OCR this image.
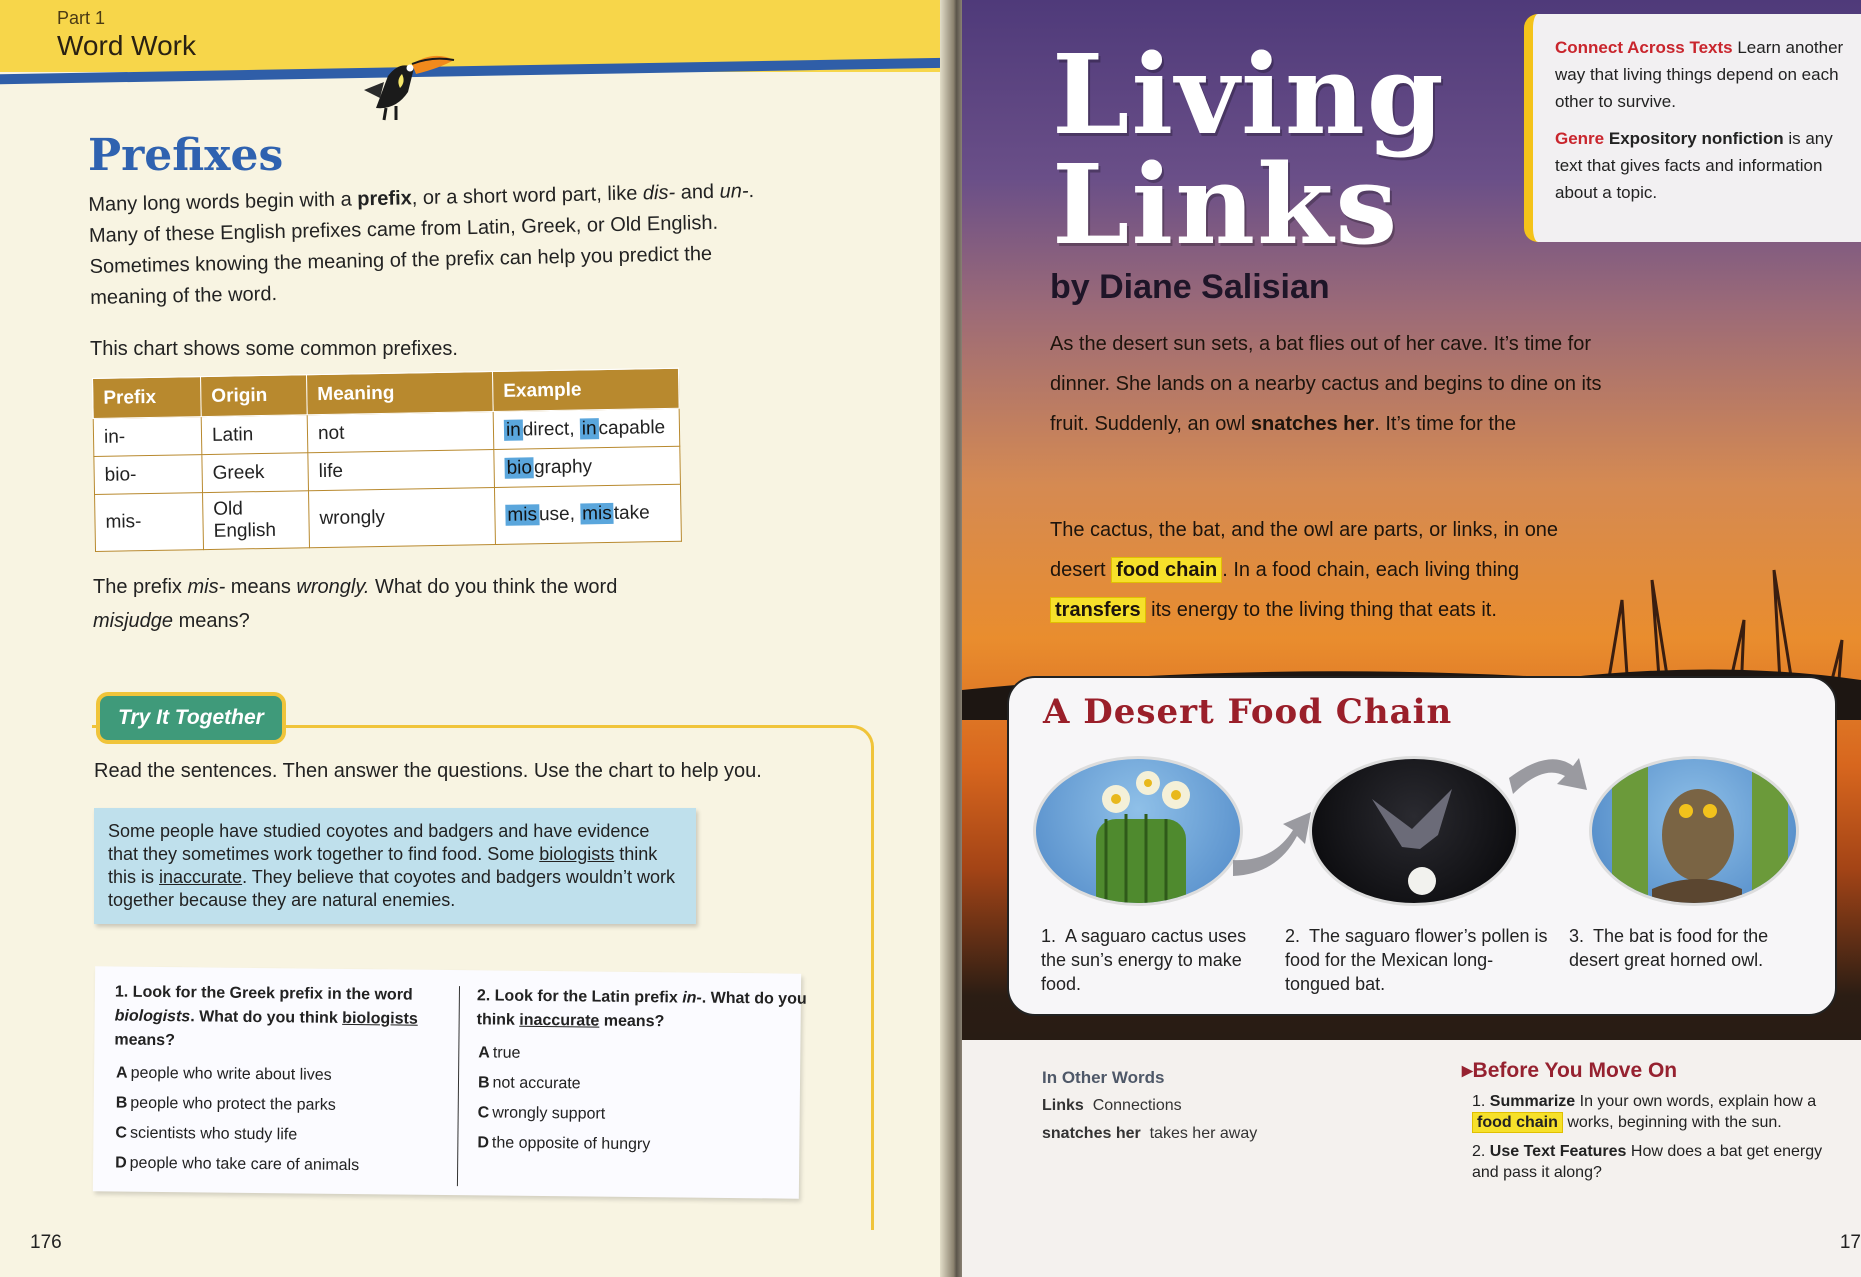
Part 1
Word Work
Prefixes
Many long words begin with a prefix, or a short word part, like dis- and un-. Many of these English prefixes came from Latin, Greek, or Old English. Sometimes knowing the meaning of the prefix can help you predict the meaning of the word.
This chart shows some common prefixes.
Prefix	Origin	Meaning	Example
in-	Latin	not	indirect, incapable
bio-	Greek	life	biography
mis-	Old English	wrongly	misuse, mistake
The prefix mis- means wrongly. What do you think the word misjudge means?
Try It Together
Read the sentences. Then answer the questions. Use the chart to help you.
Some people have studied coyotes and badgers and have evidence that they sometimes work together to find food. Some biologists think this is inaccurate. They believe that coyotes and badgers wouldn’t work together because they are natural enemies.
1. Look for the Greek prefix in the word biologists. What do you think biologists means?
A people who write about lives
B people who protect the parks
C scientists who study life
D people who take care of animals
2. Look for the Latin prefix in-. What do you think inaccurate means?
A true
B not accurate
C wrongly support
D the opposite of hungry
176
Living
Links
by Diane Salisian

Connect Across Texts Learn another way that living things depend on each other to survive.

Genre Expository nonfiction is any text that gives facts and information about a topic.

As the desert sun sets, a bat flies out of her cave. It’s time for dinner. She lands on a nearby cactus and begins to dine on its fruit. Suddenly, an owl snatches her. It’s time for the
The cactus, the bat, and the owl are parts, or links, in one desert food chain . In a food chain, each living thing transfers its energy to the living thing that eats it.
A Desert Food Chain
1. A saguaro cactus uses the sun’s energy to make food.
2. The saguaro flower’s pollen is food for the Mexican long-tongued bat.
3. The bat is food for the desert great horned owl.
In Other Words
Links Connections
snatches her takes her away
▸Before You Move On
1. Summarize In your own words, explain how a food chain works, beginning with the sun.
2. Use Text Features How does a bat get energy and pass it along?
17
